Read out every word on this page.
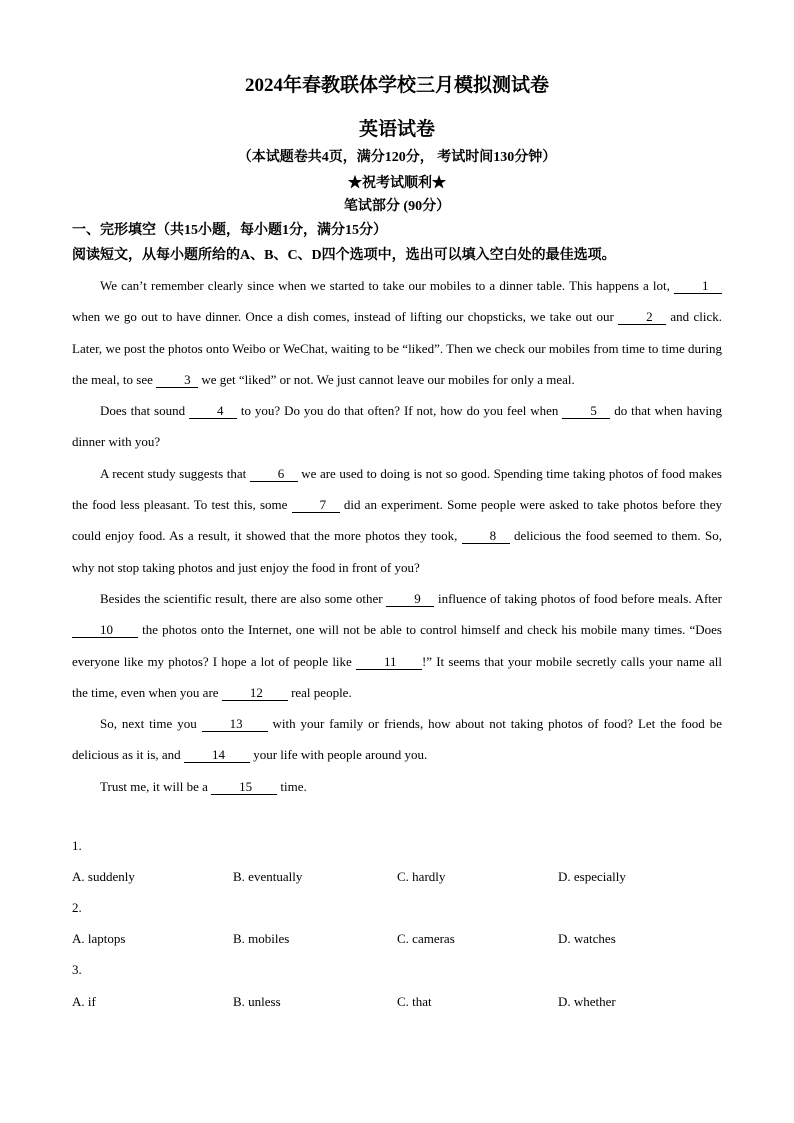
2024年春教联体学校三月模拟测试卷
英语试卷
（本试题卷共4页，满分120分， 考试时间130分钟）
★祝考试顺利★
笔试部分 (90分）
一、完形填空（共15小题，每小题1分，满分15分）
阅读短文，从每小题所给的A、B、C、D四个选项中，选出可以填入空白处的最佳选项。

We can’t remember clearly since when we started to take our mobiles to a dinner table. This happens a lot, 1 when we go out to have dinner. Once a dish comes, instead of lifting our chopsticks, we take out our 2 and click. Later, we post the photos onto Weibo or WeChat, waiting to be “liked”. Then we check our mobiles from time to time during the meal, to see 3 we get “liked” or not. We just cannot leave our mobiles for only a meal.

Does that sound 4 to you? Do you do that often? If not, how do you feel when 5 do that when having dinner with you?

A recent study suggests that 6 we are used to doing is not so good. Spending time taking photos of food makes the food less pleasant. To test this, some 7 did an experiment. Some people were asked to take photos before they could enjoy food. As a result, it showed that the more photos they took, 8 delicious the food seemed to them. So, why not stop taking photos and just enjoy the food in front of you?

Besides the scientific result, there are also some other 9 influence of taking photos of food before meals. After 10 the photos onto the Internet, one will not be able to control himself and check his mobile many times. “Does everyone like my photos? I hope a lot of people like 11 !” It seems that your mobile secretly calls your name all the time, even when you are 12 real people.

So, next time you 13 with your family or friends, how about not taking photos of food? Let the food be delicious as it is, and 14 your life with people around you.

Trust me, it will be a 15 time.

1.
A. suddenly	B. eventually	C. hardly	D. especially
2.
A. laptops	B. mobiles	C. cameras	D. watches
3.
A. if	B. unless	C. that	D. whether
